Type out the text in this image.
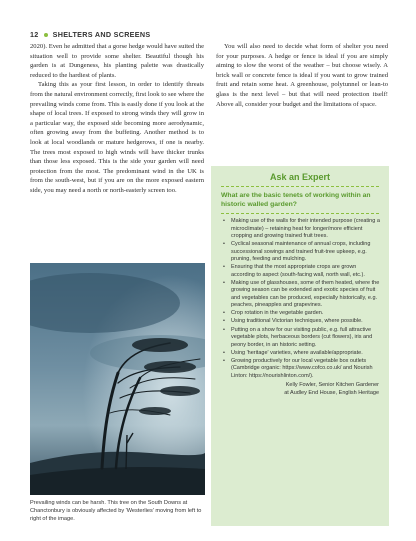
12 SHELTERS AND SCREENS

2020). Even he admitted that a gorse hedge would have suited the situation well to provide some shelter. Beautiful though his garden is at Dungeness, his planting palette was drastically reduced to the hardiest of plants.

Taking this as your first lesson, in order to identify threats from the natural environment correctly, first look to see where the prevailing winds come from. This is easily done if you look at the shape of local trees. If exposed to strong winds they will grow in a particular way, the exposed side becoming more aerodynamic, often growing away from the buffeting. Another method is to look at local woodlands or mature hedgerows, if one is nearby. The trees most exposed to high winds will have thicker trunks than those less exposed. This is the side your garden will need protection from the most. The predominant wind in the UK is from the south-west, but if you are on the more exposed eastern side, you may need a north or north-easterly screen too.

You will also need to decide what form of shelter you need for your purposes. A hedge or fence is ideal if you are simply aiming to slow the worst of the weather – but choose wisely. A brick wall or concrete fence is ideal if you want to grow trained fruit and retain some heat. A greenhouse, polytunnel or lean-to glass is the next level – but that will need protection itself! Above all, consider your budget and the limitations of space.

Prevailing winds can be harsh. This tree on the South Downs at Chanctonbury is obviously affected by 'Westerlies' moving from left to right of the image.
Ask an Expert
What are the basic tenets of working within an historic walled garden?
• Making use of the walls for their intended purpose (creating a microclimate) – retaining heat for longer/more efficient cropping and growing trained fruit trees.
• Cyclical seasonal maintenance of annual crops, including successional sowings and trained fruit-tree upkeep, e.g. pruning, feeding and mulching.
• Ensuring that the most appropriate crops are grown according to aspect (south-facing wall, north wall, etc.).
• Making use of glasshouses, some of them heated, where the growing season can be extended and exotic species of fruit and vegetables can be produced, especially historically, e.g. peaches, pineapples and grapevines.
• Crop rotation in the vegetable garden.
• Using traditional Victorian techniques, where possible.
• Putting on a show for our visiting public, e.g. full attractive vegetable plots, herbaceous borders (cut flowers), iris and peony border, in an historic setting.
• Using 'heritage' varieties, where available/appropriate.
• Growing productively for our local vegetable box outlets (Cambridge organic: https://www.cofco.co.uk/ and Nourish Linton: https://nourishlinton.com/).
Kelly Fowler, Senior Kitchen Gardener
at Audley End House, English Heritage
